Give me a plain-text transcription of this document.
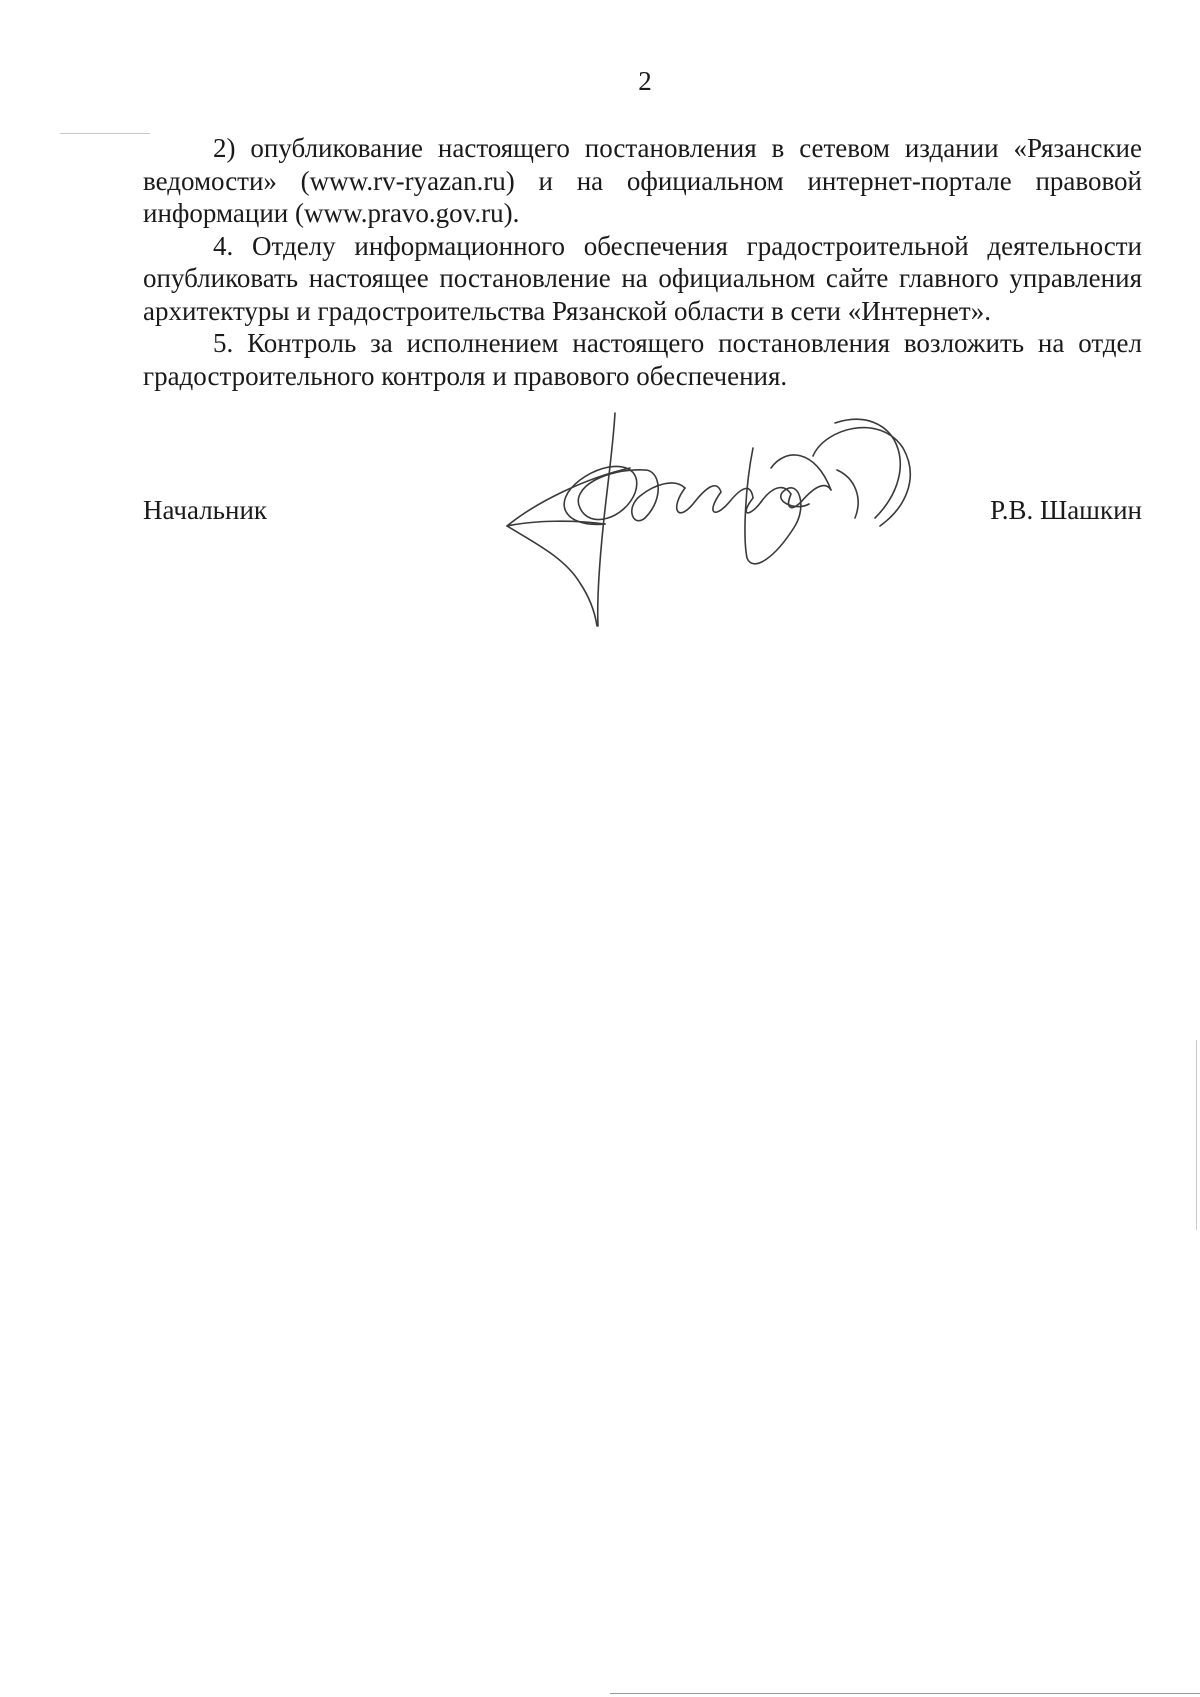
2

2) опубликование настоящего постановления в сетевом издании «Рязанские ведомости» (www.rv-ryazan.ru) и на официальном интернет-портале правовой информации (www.pravo.gov.ru).

4. Отделу информационного обеспечения градостроительной деятельности опубликовать настоящее постановление на официальном сайте главного управления архитектуры и градостроительства Рязанской области в сети «Интернет».

5. Контроль за исполнением настоящего постановления возложить на отдел градостроительного контроля и правового обеспечения.

Начальник	Р.В. Шашкин
